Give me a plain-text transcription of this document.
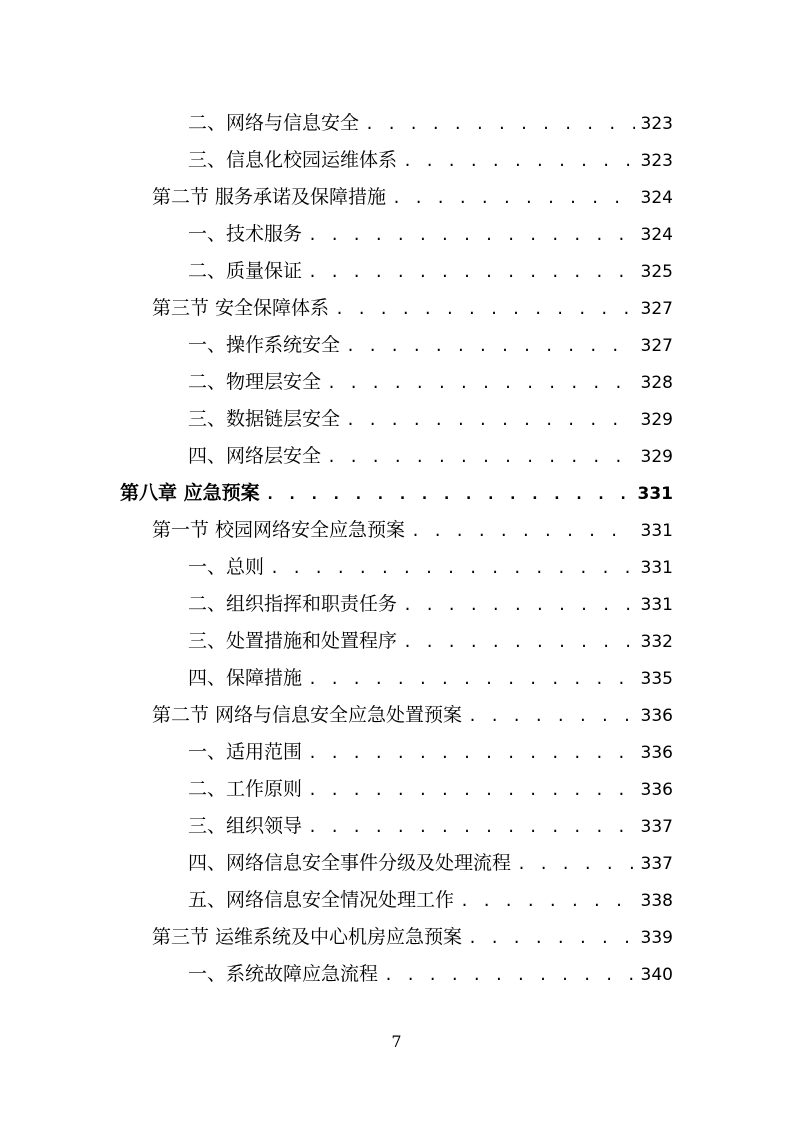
二、网络与信息安全 . . .	323
三、信息化校园运维体系 . . .	323
第二节 服务承诺及保障措施 . . .	324
一、技术服务 . . .	324
二、质量保证 . . .	325
第三节 安全保障体系 . . .	327
一、操作系统安全 . . .	327
二、物理层安全 . . .	328
三、数据链层安全 . . .	329
四、网络层安全 . . .	329
第八章 应急预案 . . .	331
第一节 校园网络安全应急预案 . . .	331
一、总则 . . .	331
二、组织指挥和职责任务 . . .	331
三、处置措施和处置程序 . . .	332
四、保障措施 . . .	335
第二节 网络与信息安全应急处置预案 . . .	336
一、适用范围 . . .	336
二、工作原则 . . .	336
三、组织领导 . . .	337
四、网络信息安全事件分级及处理流程 . . .	337
五、网络信息安全情况处理工作 . . .	338
第三节 运维系统及中心机房应急预案 . . .	339
一、系统故障应急流程 . . .	340
7
